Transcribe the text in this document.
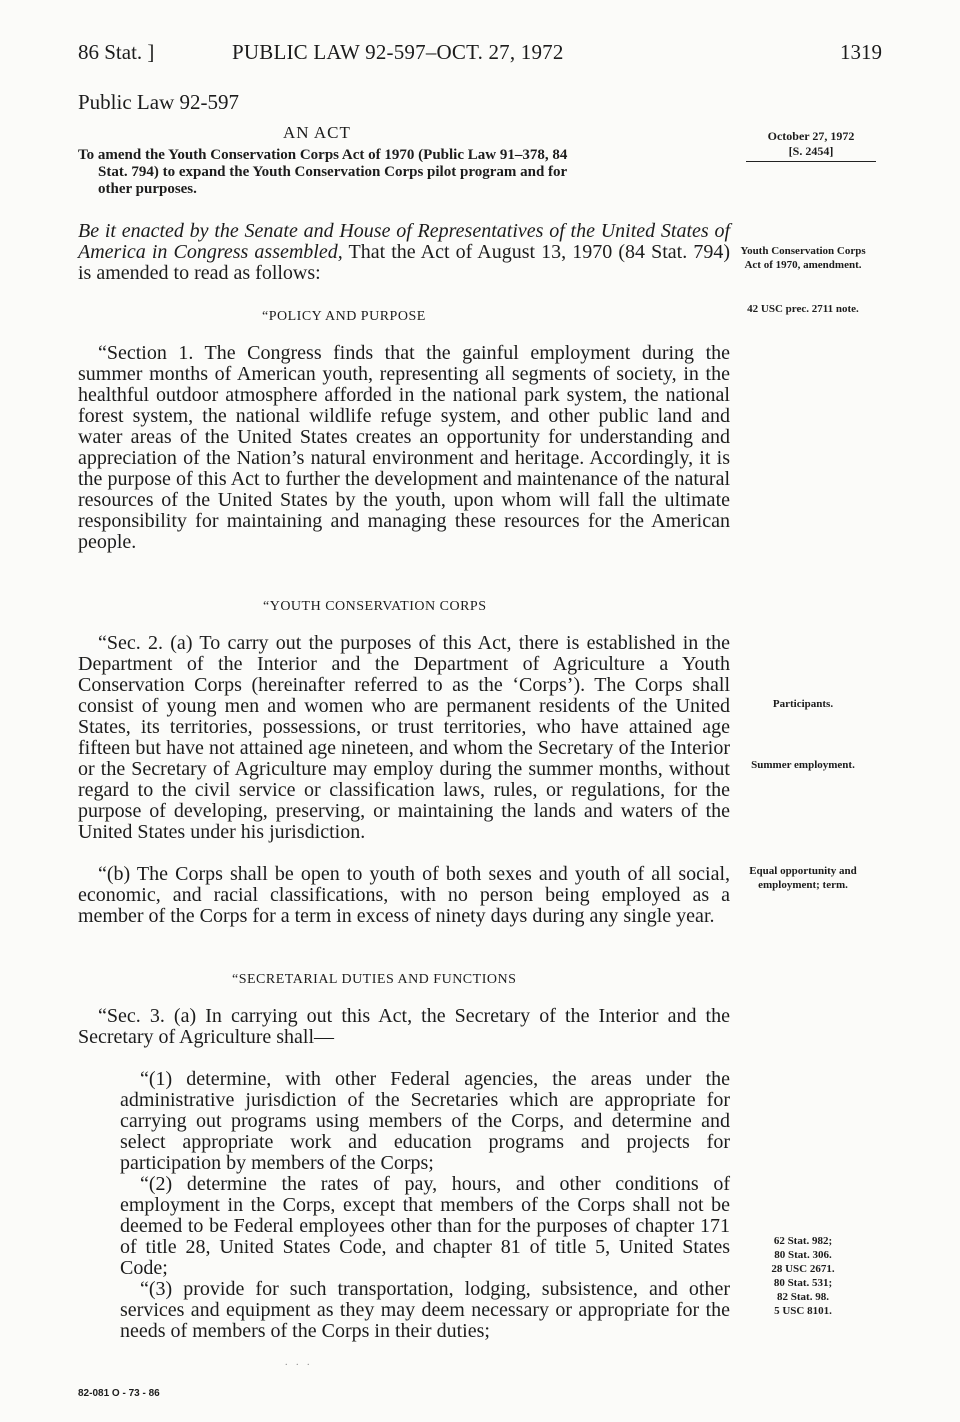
86 Stat. ]	PUBLIC LAW 92-597–OCT. 27, 1972	1319
Public Law 92-597
AN ACT
To amend the Youth Conservation Corps Act of 1970 (Public Law 91–378, 84
Stat. 794) to expand the Youth Conservation Corps pilot program and for
other purposes.
October 27, 1972
[S. 2454]
Be it enacted by the Senate and House of Representatives of the United States of America in Congress assembled, That the Act of August 13, 1970 (84 Stat. 794) is amended to read as follows:
Youth Conservation Corps Act of 1970, amendment.
42 USC prec. 2711 note.
“POLICY AND PURPOSE
“Section 1. The Congress finds that the gainful employment during the summer months of American youth, representing all segments of society, in the healthful outdoor atmosphere afforded in the national park system, the national forest system, the national wildlife refuge system, and other public land and water areas of the United States creates an opportunity for understanding and appreciation of the Nation’s natural environment and heritage. Accordingly, it is the purpose of this Act to further the development and maintenance of the natural resources of the United States by the youth, upon whom will fall the ultimate responsibility for maintaining and managing these resources for the American people.
“YOUTH CONSERVATION CORPS
“Sec. 2. (a) To carry out the purposes of this Act, there is established in the Department of the Interior and the Department of Agriculture a Youth Conservation Corps (hereinafter referred to as the ‘Corps’). The Corps shall consist of young men and women who are permanent residents of the United States, its territories, possessions, or trust territories, who have attained age fifteen but have not attained age nineteen, and whom the Secretary of the Interior or the Secretary of Agriculture may employ during the summer months, without regard to the civil service or classification laws, rules, or regulations, for the purpose of developing, preserving, or maintaining the lands and waters of the United States under his jurisdiction.
“(b) The Corps shall be open to youth of both sexes and youth of all social, economic, and racial classifications, with no person being employed as a member of the Corps for a term in excess of ninety days during any single year.
Participants.
Summer employment.
Equal opportunity and employment; term.
“SECRETARIAL DUTIES AND FUNCTIONS
“Sec. 3. (a) In carrying out this Act, the Secretary of the Interior and the Secretary of Agriculture shall—
“(1) determine, with other Federal agencies, the areas under the administrative jurisdiction of the Secretaries which are appropriate for carrying out programs using members of the Corps, and determine and select appropriate work and education programs and projects for participation by members of the Corps;
“(2) determine the rates of pay, hours, and other conditions of employment in the Corps, except that members of the Corps shall not be deemed to be Federal employees other than for the purposes of chapter 171 of title 28, United States Code, and chapter 81 of title 5, United States Code;
“(3) provide for such transportation, lodging, subsistence, and other services and equipment as they may deem necessary or appropriate for the needs of members of the Corps in their duties;
62 Stat. 982;
80 Stat. 306.
28 USC 2671.
80 Stat. 531;
82 Stat. 98.
5 USC 8101.
. . .
82-081 O - 73 - 86
